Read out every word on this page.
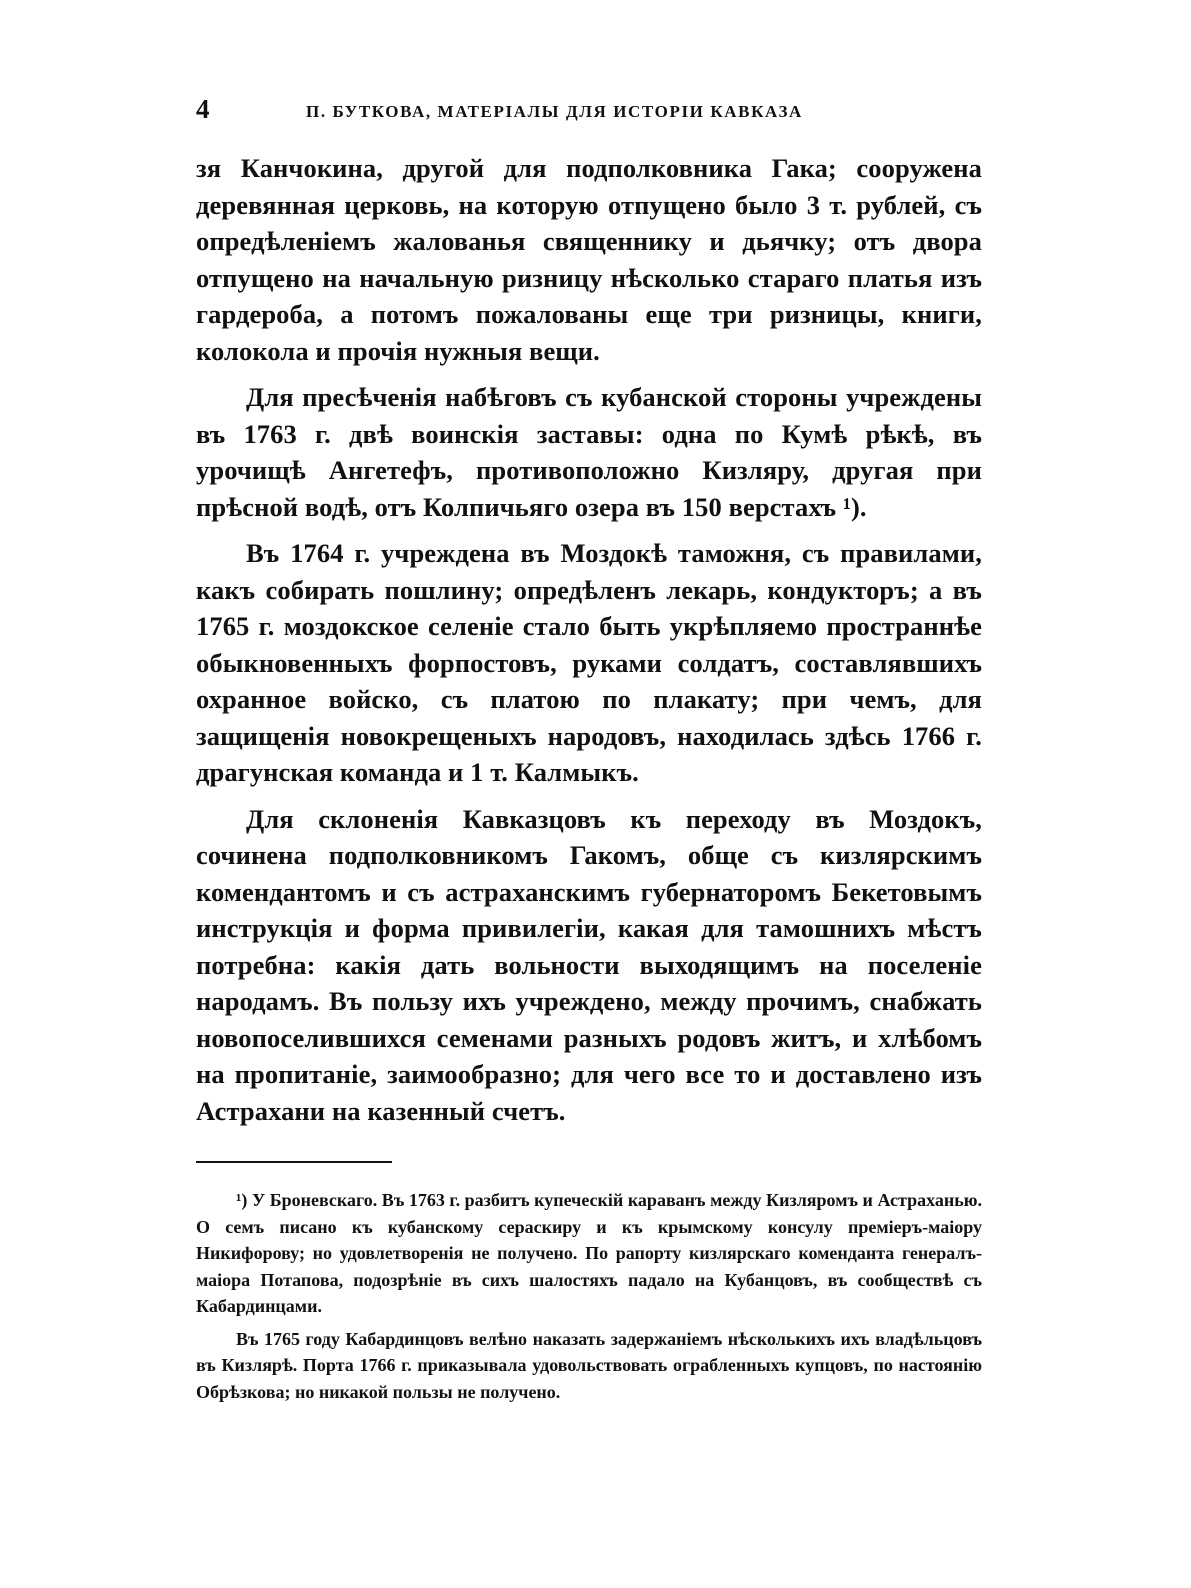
4	П. БУТКОВА, МАТЕРІАЛЫ ДЛЯ ИСТОРІИ КАВКАЗА

зя Канчокина, другой для подполковника Гака; сооружена деревянная церковь, на которую отпущено было 3 т. рублей, съ опредѣленіемъ жалованья священнику и дьячку; отъ двора отпущено на начальную ризницу нѣсколько стараго платья изъ гардероба, а потомъ пожалованы еще три ризницы, книги, колокола и прочія нужныя вещи.

Для пресѣченія набѣговъ съ кубанской стороны учреждены въ 1763 г. двѣ воинскія заставы: одна по Кумѣ рѣкѣ, въ урочищѣ Ангетефъ, противоположно Кизляру, другая при прѣсной водѣ, отъ Колпичьяго озера въ 150 верстахъ ¹).

Въ 1764 г. учреждена въ Моздокѣ таможня, съ правилами, какъ собирать пошлину; опредѣленъ лекарь, кондукторъ; а въ 1765 г. моздокское селеніе стало быть укрѣпляемо пространнѣе обыкновенныхъ форпостовъ, руками солдатъ, составлявшихъ охранное войско, съ платою по плакату; при чемъ, для защищенія новокрещеныхъ народовъ, находилась здѣсь 1766 г. драгунская команда и 1 т. Калмыкъ.

Для склоненія Кавказцовъ къ переходу въ Моздокъ, сочинена подполковникомъ Гакомъ, обще съ кизлярскимъ комендантомъ и съ астраханскимъ губернаторомъ Бекетовымъ инструкція и форма привилегіи, какая для тамошнихъ мѣстъ потребна: какія дать вольности выходящимъ на поселеніе народамъ. Въ пользу ихъ учреждено, между прочимъ, снабжать новопоселившихся семенами разныхъ родовъ житъ, и хлѣбомъ на пропитаніе, заимообразно; для чего все то и доставлено изъ Астрахани на казенный счетъ.

¹) У Броневскаго. Въ 1763 г. разбитъ купеческій караванъ между Кизляромъ и Астраханью. О семъ писано къ кубанскому сераскиру и къ крымскому консулу преміеръ-маіору Никифорову; но удовлетворенія не получено. По рапорту кизлярскаго коменданта генералъ-маіора Потапова, подозрѣніе въ сихъ шалостяхъ падало на Кубанцовъ, въ сообществѣ съ Кабардинцами.

Въ 1765 году Кабардинцовъ велѣно наказать задержаніемъ нѣсколькихъ ихъ владѣльцовъ въ Кизлярѣ. Порта 1766 г. приказывала удовольствовать ограбленныхъ купцовъ, по настоянію Обрѣзкова; но никакой пользы не получено.
